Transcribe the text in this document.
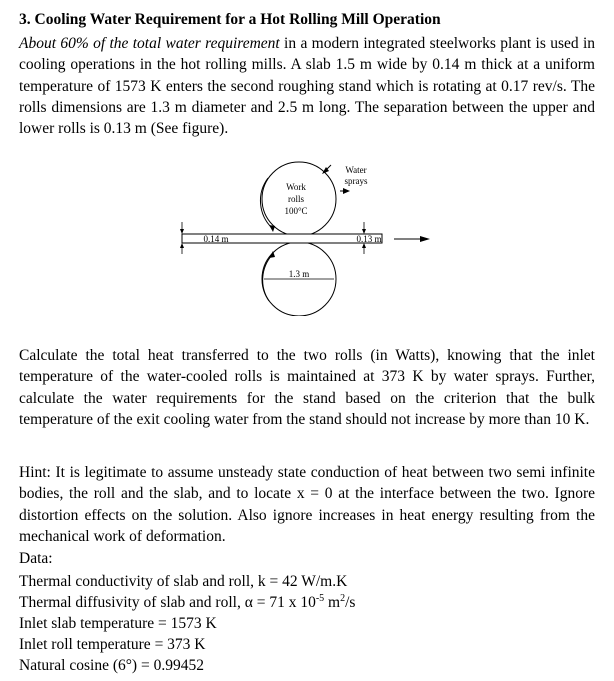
3. Cooling Water Requirement for a Hot Rolling Mill Operation
About 60% of the total water requirement in a modern integrated steelworks plant is used in cooling operations in the hot rolling mills. A slab 1.5 m wide by 0.14 m thick at a uniform temperature of 1573 K enters the second roughing stand which is rotating at 0.17 rev/s. The rolls dimensions are 1.3 m diameter and 2.5 m long. The separation between the upper and lower rolls is 0.13 m (See figure).
Work
rolls
100°C
Water
sprays
0.14 m	0.13 m
1.3 m
Calculate the total heat transferred to the two rolls (in Watts), knowing that the inlet temperature of the water-cooled rolls is maintained at 373 K by water sprays. Further, calculate the water requirements for the stand based on the criterion that the bulk temperature of the exit cooling water from the stand should not increase by more than 10 K.
Hint: It is legitimate to assume unsteady state conduction of heat between two semi infinite bodies, the roll and the slab, and to locate x = 0 at the interface between the two. Ignore distortion effects on the solution. Also ignore increases in heat energy resulting from the mechanical work of deformation.
Data:
Thermal conductivity of slab and roll, k = 42 W/m.K
Thermal diffusivity of slab and roll, α = 71 x $10^{-5}$ $m^2/s$
Inlet slab temperature = 1573 K
Inlet roll temperature = 373 K
Natural cosine (6°) = 0.99452
